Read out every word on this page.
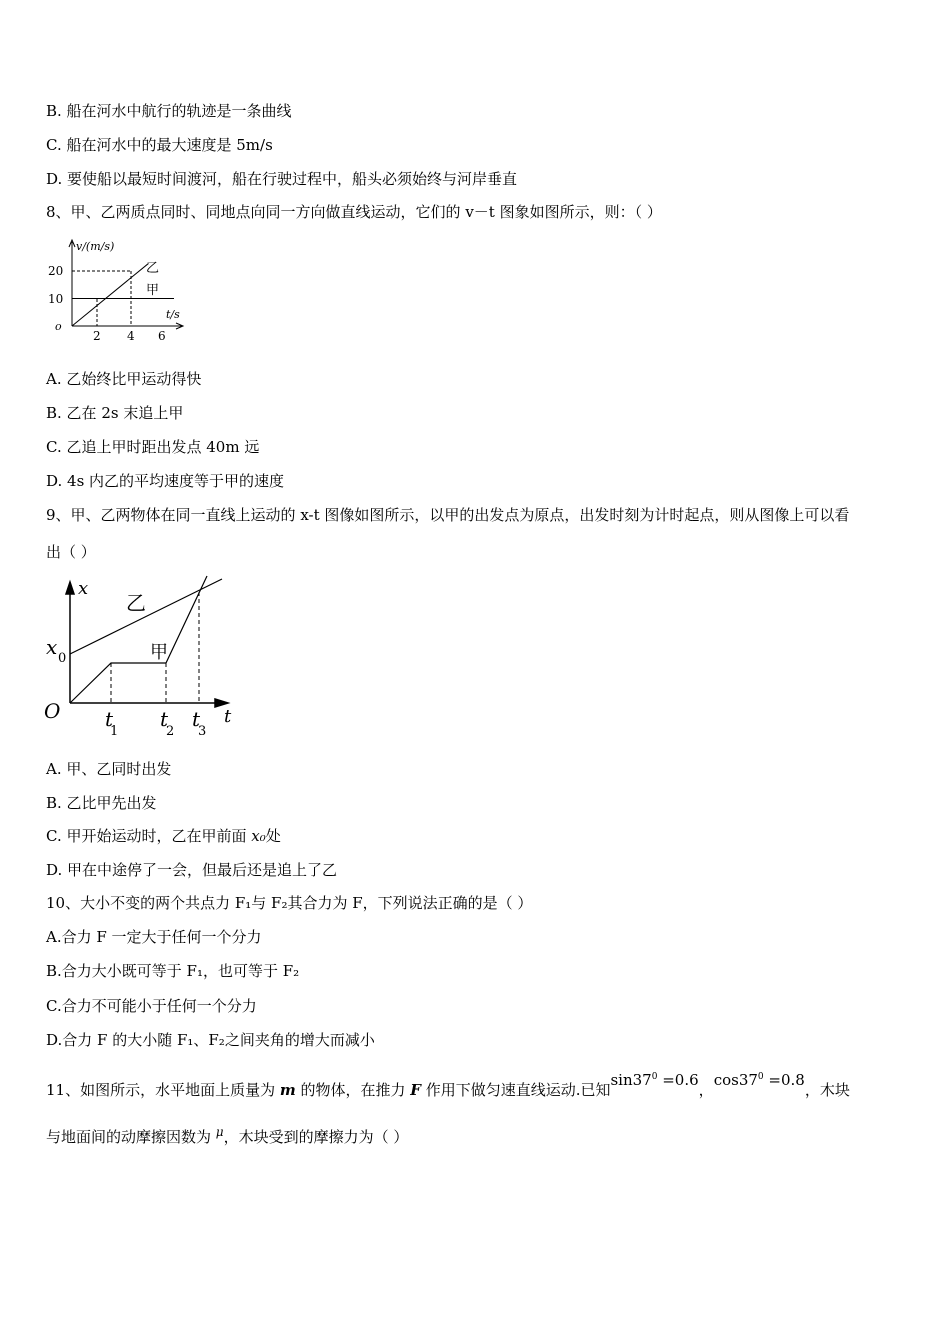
B. 船在河水中航行的轨迹是一条曲线
C. 船在河水中的最大速度是 5m/s
D. 要使船以最短时间渡河，船在行驶过程中，船头必须始终与河岸垂直
8、甲、乙两质点同时、同地点向同一方向做直线运动，它们的 v－t 图象如图所示，则：（ ）
v/(m/s)
t/s
o
20
10
2 4 6
乙
甲
A. 乙始终比甲运动得快
B. 乙在 2s 末追上甲
C. 乙追上甲时距出发点 40m 远
D. 4s 内乙的平均速度等于甲的速度
9、甲、乙两物体在同一直线上运动的 x-t 图像如图所示，以甲的出发点为原点，出发时刻为计时起点，则从图像上可以看
出（ ）
x
t
O
x 0
t
1
t
2
t
3
乙
甲
A. 甲、乙同时出发
B. 乙比甲先出发
C. 甲开始运动时，乙在甲前面 x₀处
D. 甲在中途停了一会，但最后还是追上了乙
10、大小不变的两个共点力 F₁与 F₂其合力为 F，下列说法正确的是（ ）
A.合力 F 一定大于任何一个分力
B.合力大小既可等于 F₁，也可等于 F₂
C.合力不可能小于任何一个分力
D.合力 F 的大小随 F₁、F₂之间夹角的增大而减小
11、如图所示，水平地面上质量为 m 的物体，在推力 F 作用下做匀速直线运动.已知$\sin 37^0 =0.6$，$\cos 37^0 =0.8$，木块
与地面间的动摩擦因数为 $^\mu$，木块受到的摩擦力为（ ）
